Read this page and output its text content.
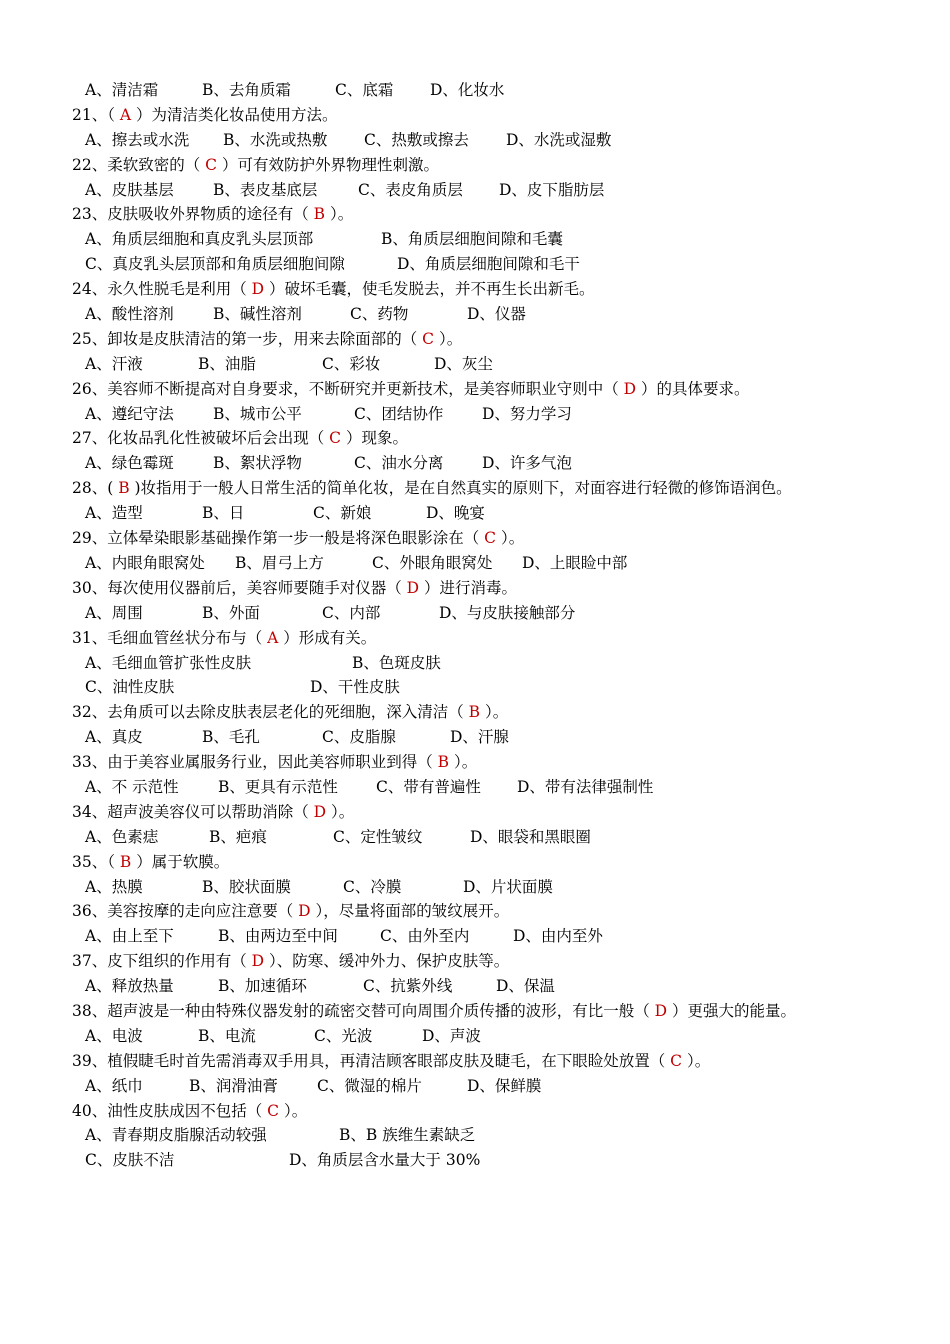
A、清洁霜	B、去角质霜	C、底霜 D、化妆水
21、（ A ）为清洁类化妆品使用方法。
A、擦去或水洗 B、水洗或热敷 C、热敷或擦去 D、水洗或湿敷
22、柔软致密的（ C ）可有效防护外界物理性刺激。
A、皮肤基层	B、表皮基底层	C、表皮角质层 D、皮下脂肪层
23、皮肤吸收外界物质的途径有（ B ）。
A、角质层细胞和真皮乳头层顶部	B、角质层细胞间隙和毛囊
C、真皮乳头层顶部和角质层细胞间隙	D、角质层细胞间隙和毛干
24、永久性脱毛是利用（ D ）破坏毛囊，使毛发脱去，并不再生长出新毛。
A、酸性溶剂	B、碱性溶剂	C、药物	D、仪器
25、卸妆是皮肤清洁的第一步，用来去除面部的（ C ）。
A、汗液	B、油脂	C、彩妆	D、灰尘
26、美容师不断提高对自身要求，不断研究并更新技术，是美容师职业守则中（ D ）的具体要求。
A、遵纪守法	B、城市公平	C、团结协作 D、努力学习
27、化妆品乳化性被破坏后会出现（ C ）现象。
A、绿色霉斑	B、絮状浮物	C、油水分离 D、许多气泡
28、( B )妆指用于一般人日常生活的简单化妆，是在自然真实的原则下，对面容进行轻微的修饰语润色。
A、造型	B、日	C、新娘	D、晚宴
29、立体晕染眼影基础操作第一步一般是将深色眼影涂在（ C ）。
A、内眼角眼窝处 B、眉弓上方	C、外眼角眼窝处 D、上眼睑中部
30、每次使用仪器前后，美容师要随手对仪器（ D ）进行消毒。
A、周围	B、外面	C、内部	D、与皮肤接触部分
31、毛细血管丝状分布与（ A ）形成有关。
A、毛细血管扩张性皮肤	B、色斑皮肤
C、油性皮肤	D、干性皮肤
32、去角质可以去除皮肤表层老化的死细胞，深入清洁（ B ）。
A、真皮	B、毛孔	C、皮脂腺	D、汗腺
33、由于美容业属服务行业，因此美容师职业到得（ B ）。
A、不 示范性	B、更具有示范性 C、带有普遍性 D、带有法律强制性
34、超声波美容仪可以帮助消除（ D ）。
A、色素痣	B、疤痕	C、定性皱纹	D、眼袋和黑眼圈
35、（ B ）属于软膜。
A、热膜	B、胶状面膜	C、冷膜	D、片状面膜
36、美容按摩的走向应注意要（ D ），尽量将面部的皱纹展开。
A、由上至下	B、由两边至中间	C、由外至内	D、由内至外
37、皮下组织的作用有（ D ）、防寒、缓冲外力、保护皮肤等。
A、释放热量	B、加速循环	C、抗紫外线	D、保温
38、超声波是一种由特殊仪器发射的疏密交替可向周围介质传播的波形，有比一般（ D ）更强大的能量。
A、电波	B、电流	C、光波	D、声波
39、植假睫毛时首先需消毒双手用具，再清洁顾客眼部皮肤及睫毛，在下眼睑处放置（ C ）。
A、纸巾	B、润滑油膏	C、微湿的棉片	D、保鲜膜
40、油性皮肤成因不包括（ C ）。
A、青春期皮脂腺活动较强	B、B 族维生素缺乏
C、皮肤不洁	D、角质层含水量大于 30%
